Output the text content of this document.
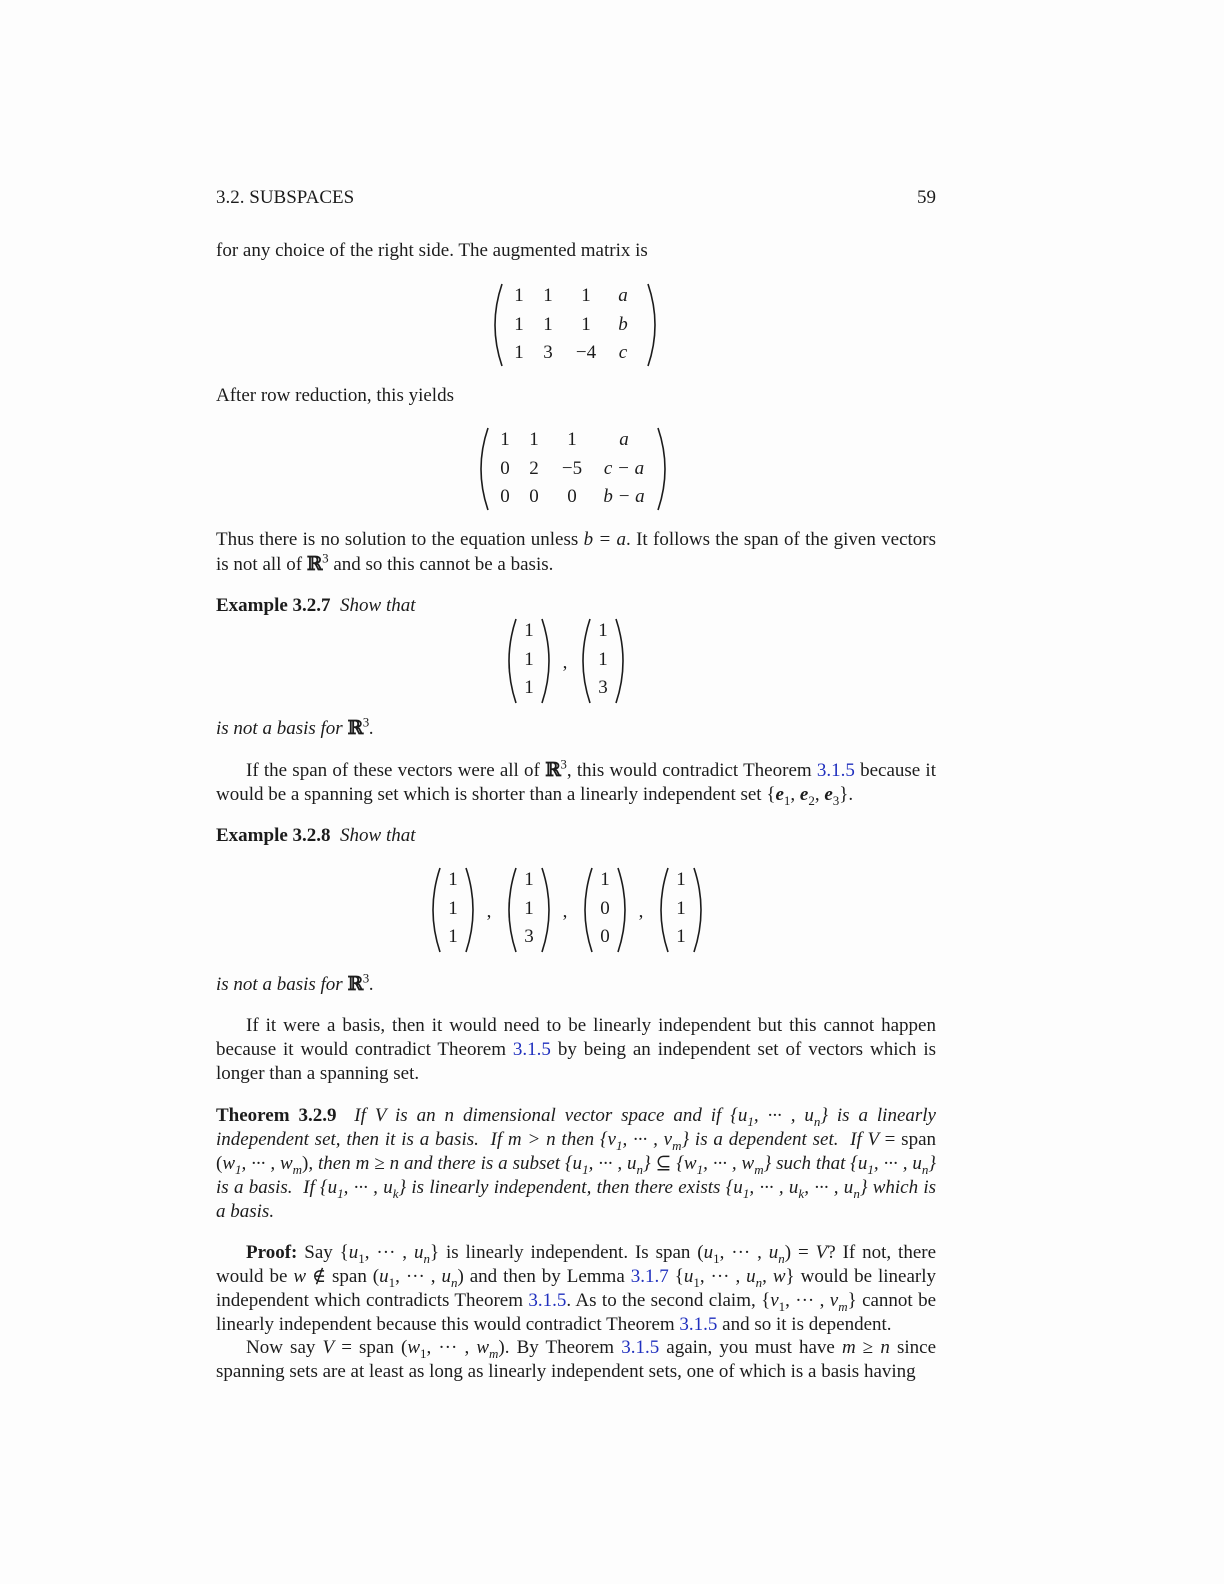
3.2. SUBSPACES	59
for any choice of the right side. The augmented matrix is
1	1	1	a
1	1	1	b
1	3	−4	c
After row reduction, this yields
1	1	1	a
0	2	−5	c − a
0	0	0	b − a
Thus there is no solution to the equation unless b = a. It follows the span of the given vectors is not all of ℝ$^3$ and so this cannot be a basis.
Example 3.2.7 Show that
1
1
1
,
1
1
3
is not a basis for ℝ$^3$.
If the span of these vectors were all of ℝ$^3$, this would contradict Theorem 3.1.5 because it would be a spanning set which is shorter than a linearly independent set {$e_1$, $e_2$, $e_3$}.
Example 3.2.8 Show that
1
1
1
,
1
1
3
,
1
0
0
,
1
1
1
is not a basis for ℝ$^3$.
If it were a basis, then it would need to be linearly independent but this cannot happen because it would contradict Theorem 3.1.5 by being an independent set of vectors which is longer than a spanning set.
Theorem 3.2.9 If V is an n dimensional vector space and if {$u_1$, ··· , $u_n$} is a linearly independent set, then it is a basis.  If m > n then {$v_1$, ··· , $v_m$} is a dependent set.  If V = span ($w_1$, ··· , $w_m$), then m ≥ n and there is a subset {$u_1$, ··· , $u_n$} ⊆ {$w_1$, ··· , $w_m$} such that {$u_1$, ··· , $u_n$} is a basis.  If {$u_1$, ··· , $u_k$} is linearly independent, then there exists {$u_1$, ··· , $u_k$, ··· , $u_n$} which is a basis.
Proof: Say {$u_1$, ··· , $u_n$} is linearly independent. Is span ($u_1$, ··· , $u_n) = V$? If not, there would be w ∉ span ($u_1$, ··· , $u_n$) and then by Lemma 3.1.7 {$u_1$, ··· , $u_n$, w} would be linearly independent which contradicts Theorem 3.1.5. As to the second claim, {$v_1$, ··· , $v_m$} cannot be linearly independent because this would contradict Theorem 3.1.5 and so it is dependent.
Now say V = span ($w_1$, ··· , $w_m$). By Theorem 3.1.5 again, you must have m ≥ n since spanning sets are at least as long as linearly independent sets, one of which is a basis having
